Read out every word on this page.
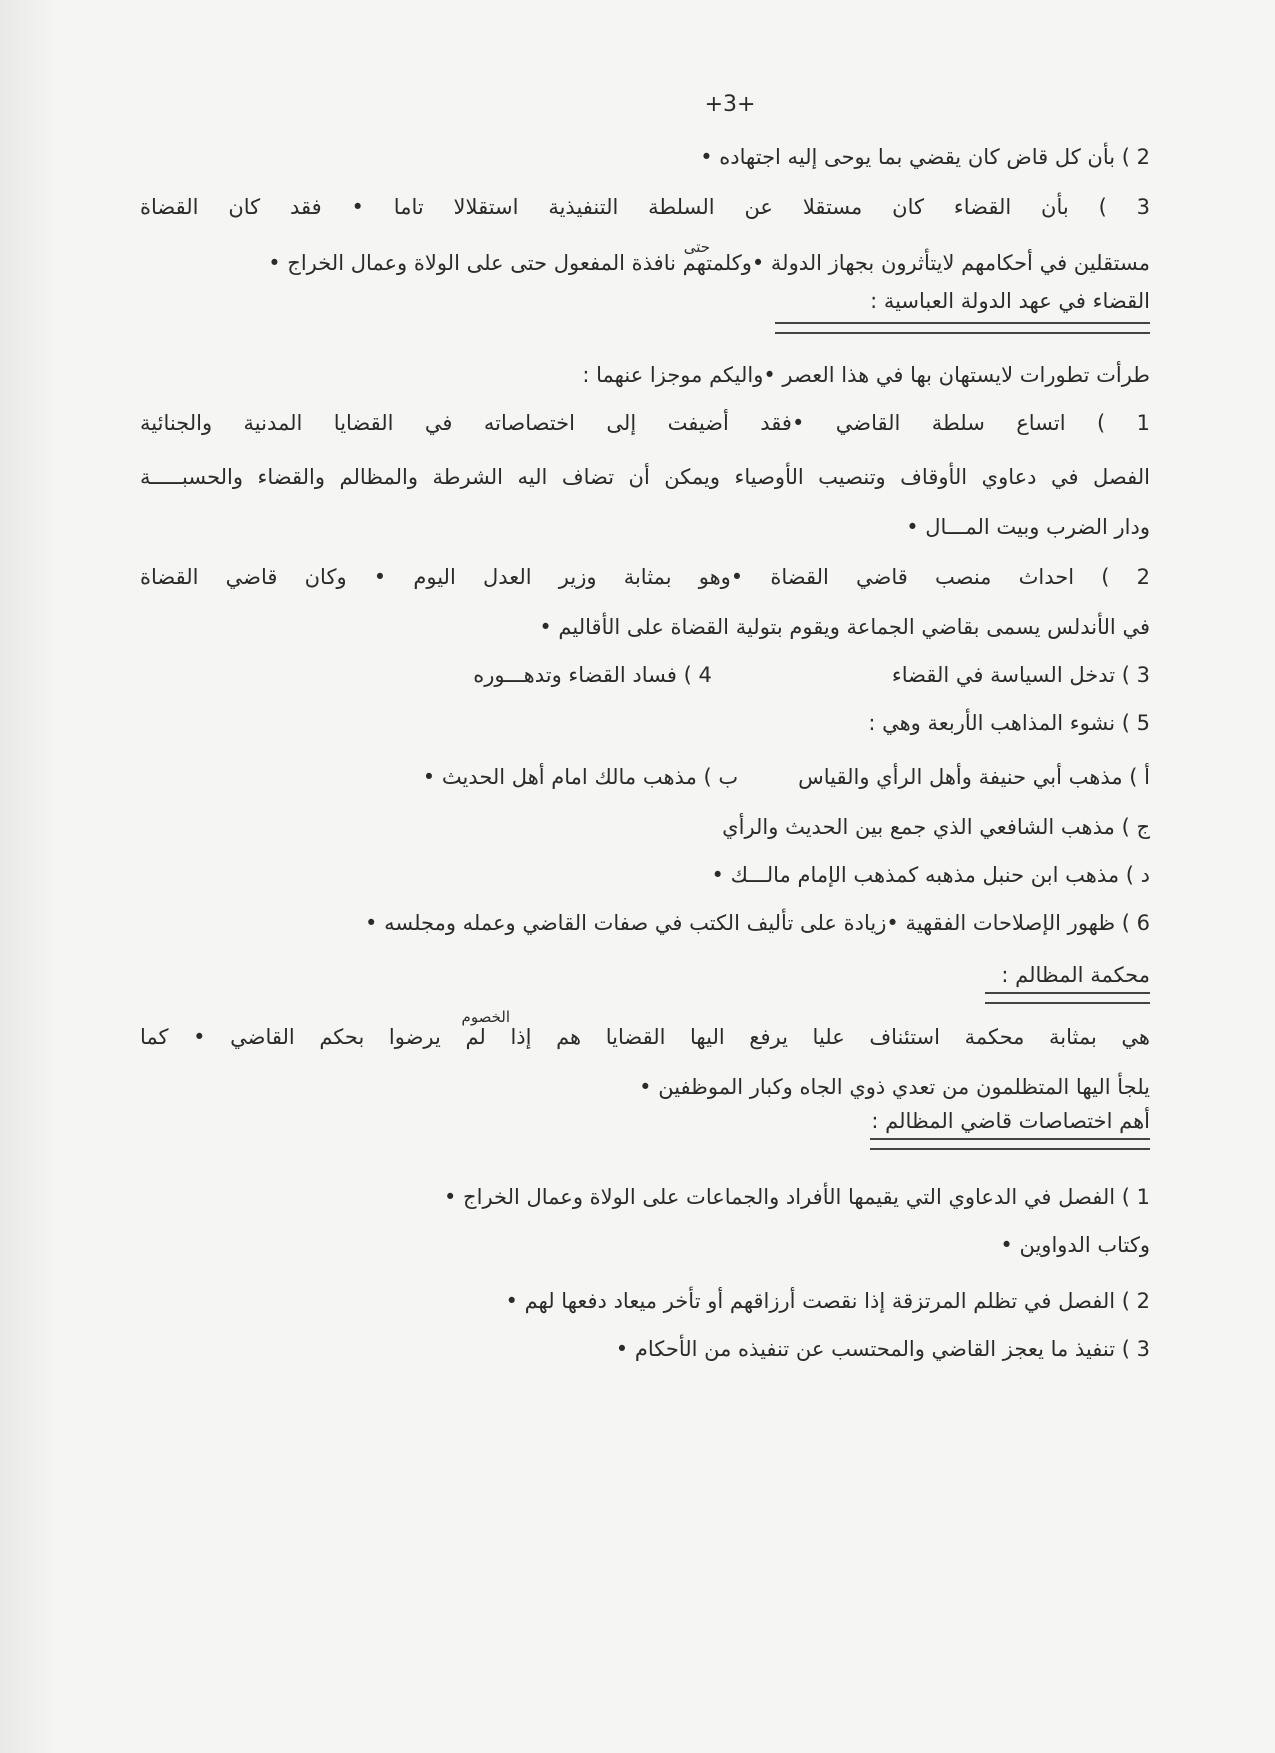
+3+
2 ) بأن كل قاض كان يقضي بما يوحى إليه اجتهاده •
3 ) بأن القضاء كان مستقلا عن السلطة التنفيذية استقلالا تاما • فقد كان القضاة
حتى
مستقلين في أحكامهم لايتأثرون بجهاز الدولة •وكلمتهم نافذة المفعول حتى على الولاة وعمال الخراج •
القضاء في عهد الدولة العباسية :
طرأت تطورات لايستهان بها في هذا العصر •واليكم موجزا عنهما :
1 ) اتساع سلطة القاضي •فقد أضيفت إلى اختصاصاته في القضايا المدنية والجنائية
الفصل في دعاوي الأوقاف وتنصيب الأوصياء ويمكن أن تضاف اليه الشرطة والمظالم والقضاء والحسبـــــة
ودار الضرب وبيت المـــال •
2 ) احداث منصب قاضي القضاة •وهو بمثابة وزير العدل اليوم • وكان قاضي القضاة
في الأندلس يسمى بقاضي الجماعة ويقوم بتولية القضاة على الأقاليم •
3 ) تدخل السياسة في القضاء4 ) فساد القضاء وتدهـــوره
5 ) نشوء المذاهب الأربعة وهي :
أ ) مذهب أبي حنيفة وأهل الرأي والقياسب ) مذهب مالك امام أهل الحديث •
ج ) مذهب الشافعي الذي جمع بين الحديث والرأي
د ) مذهب ابن حنبل مذهبه كمذهب الإمام مالـــك •
6 ) ظهور الإصلاحات الفقهية •زيادة على تأليف الكتب في صفات القاضي وعمله ومجلسه •
محكمة المظالم :
الخصوم
هي بمثابة محكمة استئناف عليا يرفع اليها القضايا هم إذا لم يرضوا بحكم القاضي • كما
يلجأ اليها المتظلمون من تعدي ذوي الجاه وكبار الموظفين •
أهم اختصاصات قاضي المظالم :
1 ) الفصل في الدعاوي التي يقيمها الأفراد والجماعات على الولاة وعمال الخراج •
وكتاب الدواوين •
2 ) الفصل في تظلم المرتزقة إذا نقصت أرزاقهم أو تأخر ميعاد دفعها لهم •
3 ) تنفيذ ما يعجز القاضي والمحتسب عن تنفيذه من الأحكام •
